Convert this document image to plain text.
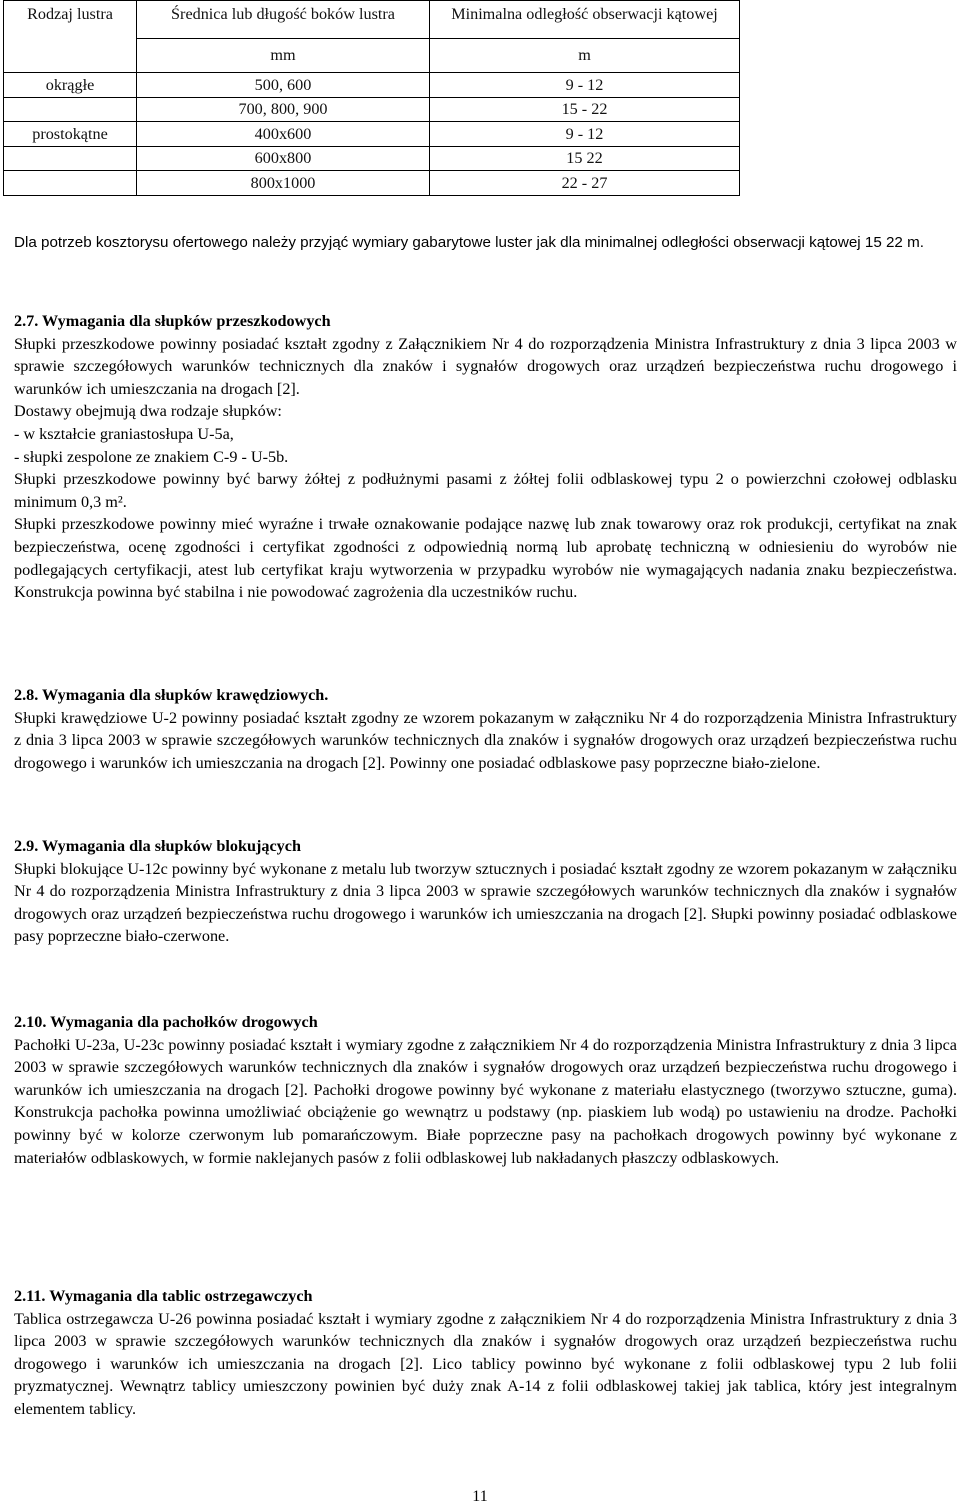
Rodzaj lustra	Średnica lub długość boków lustra	Minimalna odległość obserwacji kątowej
	mm	m
okrągłe	500, 600	9 - 12
	700, 800, 900	15 - 22
prostokątne	400x600	9 - 12
	600x800	15 22
	800x1000	22 - 27

Dla potrzeb kosztorysu ofertowego należy przyjąć wymiary gabarytowe luster jak dla minimalnej odległości obserwacji kątowej 15 22 m.

2.7. Wymagania dla słupków przeszkodowych

Słupki przeszkodowe powinny posiadać kształt zgodny z Załącznikiem Nr 4 do rozporządzenia Ministra Infrastruktury z dnia 3 lipca 2003 w sprawie szczegółowych warunków technicznych dla znaków i sygnałów drogowych oraz urządzeń bezpieczeństwa ruchu drogowego i warunków ich umieszczania na drogach [2].

Dostawy obejmują dwa rodzaje słupków:

- w kształcie graniastosłupa U-5a,

- słupki zespolone ze znakiem C-9 - U-5b.

Słupki przeszkodowe powinny być barwy żółtej z podłużnymi pasami z żółtej folii odblaskowej typu 2 o powierzchni czołowej odblasku minimum 0,3 m².

Słupki przeszkodowe powinny mieć wyraźne i trwałe oznakowanie podające nazwę lub znak towarowy oraz rok produkcji, certyfikat na znak bezpieczeństwa, ocenę zgodności i certyfikat zgodności z odpowiednią normą lub aprobatę techniczną w odniesieniu do wyrobów nie podlegających certyfikacji, atest lub certyfikat kraju wytworzenia w przypadku wyrobów nie wymagających nadania znaku bezpieczeństwa. Konstrukcja powinna być stabilna i nie powodować zagrożenia dla uczestników ruchu.

2.8. Wymagania dla słupków krawędziowych.

Słupki krawędziowe U-2 powinny posiadać kształt zgodny ze wzorem pokazanym w załączniku Nr 4 do rozporządzenia Ministra Infrastruktury z dnia 3 lipca 2003 w sprawie szczegółowych warunków technicznych dla znaków i sygnałów drogowych oraz urządzeń bezpieczeństwa ruchu drogowego i warunków ich umieszczania na drogach [2]. Powinny one posiadać odblaskowe pasy poprzeczne biało-zielone.

2.9. Wymagania dla słupków blokujących

Słupki blokujące U-12c powinny być wykonane z metalu lub tworzyw sztucznych i posiadać kształt zgodny ze wzorem pokazanym w załączniku Nr 4 do rozporządzenia Ministra Infrastruktury z dnia 3 lipca 2003 w sprawie szczegółowych warunków technicznych dla znaków i sygnałów drogowych oraz urządzeń bezpieczeństwa ruchu drogowego i warunków ich umieszczania na drogach [2]. Słupki powinny posiadać odblaskowe pasy poprzeczne biało-czerwone.

2.10. Wymagania dla pachołków drogowych

Pachołki U-23a, U-23c powinny posiadać kształt i wymiary zgodne z załącznikiem Nr 4 do rozporządzenia Ministra Infrastruktury z dnia 3 lipca 2003 w sprawie szczegółowych warunków technicznych dla znaków i sygnałów drogowych oraz urządzeń bezpieczeństwa ruchu drogowego i warunków ich umieszczania na drogach [2]. Pachołki drogowe powinny być wykonane z materiału elastycznego (tworzywo sztuczne, guma). Konstrukcja pachołka powinna umożliwiać obciążenie go wewnątrz u podstawy (np. piaskiem lub wodą) po ustawieniu na drodze. Pachołki powinny być w kolorze czerwonym lub pomarańczowym. Białe poprzeczne pasy na pachołkach drogowych powinny być wykonane z materiałów odblaskowych, w formie naklejanych pasów z folii odblaskowej lub nakładanych płaszczy odblaskowych.

2.11. Wymagania dla tablic ostrzegawczych

Tablica ostrzegawcza U-26 powinna posiadać kształt i wymiary zgodne z załącznikiem Nr 4 do rozporządzenia Ministra Infrastruktury z dnia 3 lipca 2003 w sprawie szczegółowych warunków technicznych dla znaków i sygnałów drogowych oraz urządzeń bezpieczeństwa ruchu drogowego i warunków ich umieszczania na drogach [2]. Lico tablicy powinno być wykonane z folii odblaskowej typu 2 lub folii pryzmatycznej. Wewnątrz tablicy umieszczony powinien być duży znak A-14 z folii odblaskowej takiej jak tablica, który jest integralnym elementem tablicy.

11
